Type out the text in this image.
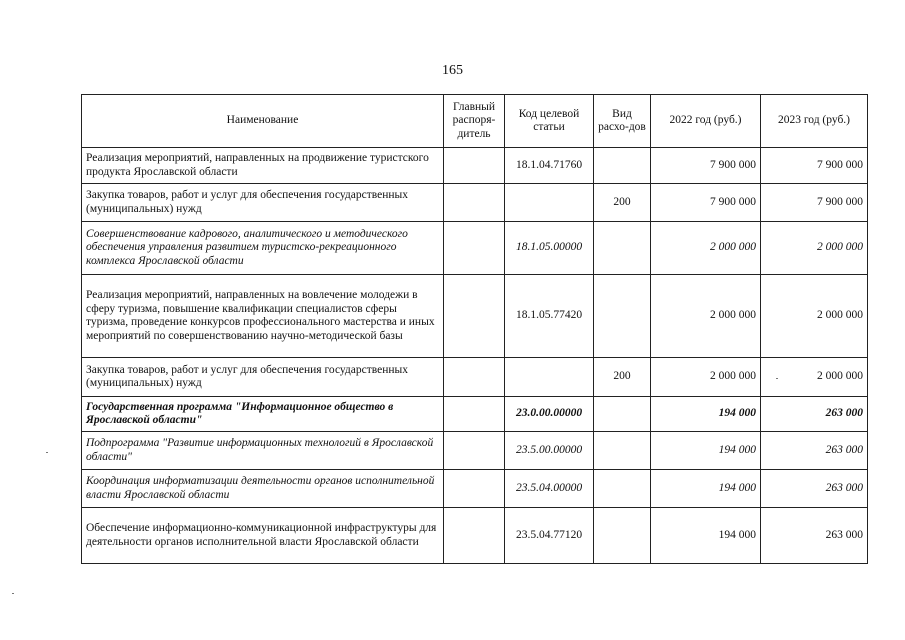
165
Наименование	Главный распоря-дитель	Код целевой статьи	Вид расхо-дов	2022 год (руб.)	2023 год (руб.)
Реализация мероприятий, направленных на продвижение туристского продукта Ярославской области		18.1.04.71760		7 900 000	7 900 000
Закупка товаров, работ и услуг для обеспечения государственных (муниципальных) нужд			200	7 900 000	7 900 000
Совершенствование кадрового, аналитического и методического обеспечения управления развитием туристско-рекреационного комплекса Ярославской области		18.1.05.00000		2 000 000	2 000 000
Реализация мероприятий, направленных на вовлечение молодежи в сферу туризма, повышение квалификации специалистов сферы туризма, проведение конкурсов профессионального мастерства и иных мероприятий по совершенствованию научно-методической базы		18.1.05.77420		2 000 000	2 000 000
Закупка товаров, работ и услуг для обеспечения государственных (муниципальных) нужд			200	2 000 000	2 000 000
Государственная программа "Информационное общество в Ярославской области"		23.0.00.00000		194 000	263 000
Подпрограмма "Развитие информационных технологий в Ярославской области"		23.5.00.00000		194 000	263 000
Координация информатизации деятельности органов исполнительной власти Ярославской области		23.5.04.00000		194 000	263 000
Обеспечение информационно-коммуникационной инфраструктуры для деятельности органов исполнительной власти Ярославской области		23.5.04.77120		194 000	263 000
